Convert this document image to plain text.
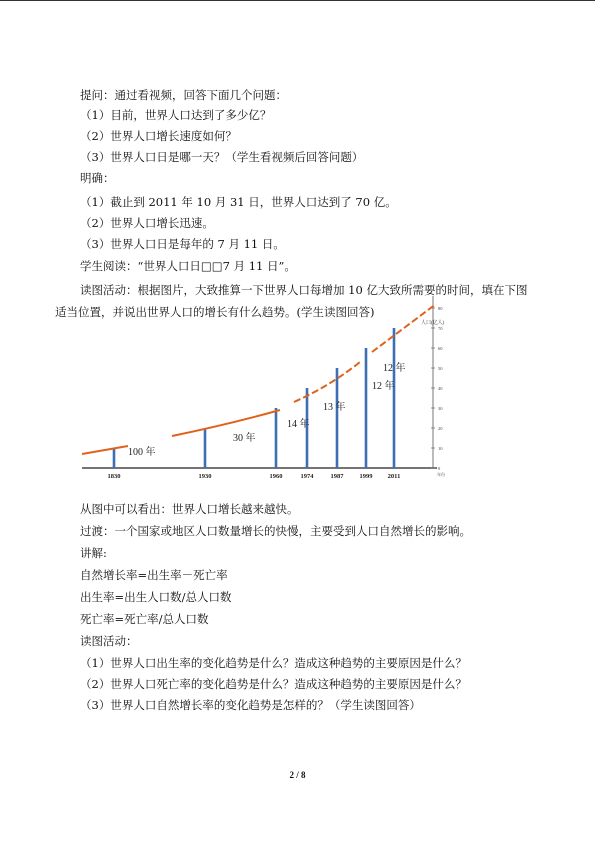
提问：通过看视频，回答下面几个问题：
（1）目前，世界人口达到了多少亿？
（2）世界人口增长速度如何？
（3）世界人口日是哪一天？（学生看视频后回答问题）
明确：
（1）截止到 2011 年 10 月 31 日，世界人口达到了 70 亿。
（2）世界人口增长迅速。
（3）世界人口日是每年的 7 月 11 日。
学生阅读：“世界人口日□□7 月 11 日”。
读图活动：根据图片，大致推算一下世界人口每增加 10 亿大致所需要的时间，填在下图
适当位置，并说出世界人口的增长有什么趋势。(学生读图回答)
从图中可以看出：世界人口增长越来越快。
过渡：一个国家或地区人口数量增长的快慢，主要受到人口自然增长的影响。
讲解:
自然增长率=出生率－死亡率
出生率=出生人口数/总人口数
死亡率=死亡率/总人口数
读图活动：
（1）世界人口出生率的变化趋势是什么？造成这种趋势的主要原因是什么？
（2）世界人口死亡率的变化趋势是什么？造成这种趋势的主要原因是什么？
（3）世界人口自然增长率的变化趋势是怎样的？（学生读图回答）
0
10
20
30
40
50
60
70
80
人口(亿人)
年份
1830	1930	1960	1974	1987 1999 2011
100 年
30 年
14 年
13 年
12 年
12 年
2 / 8
